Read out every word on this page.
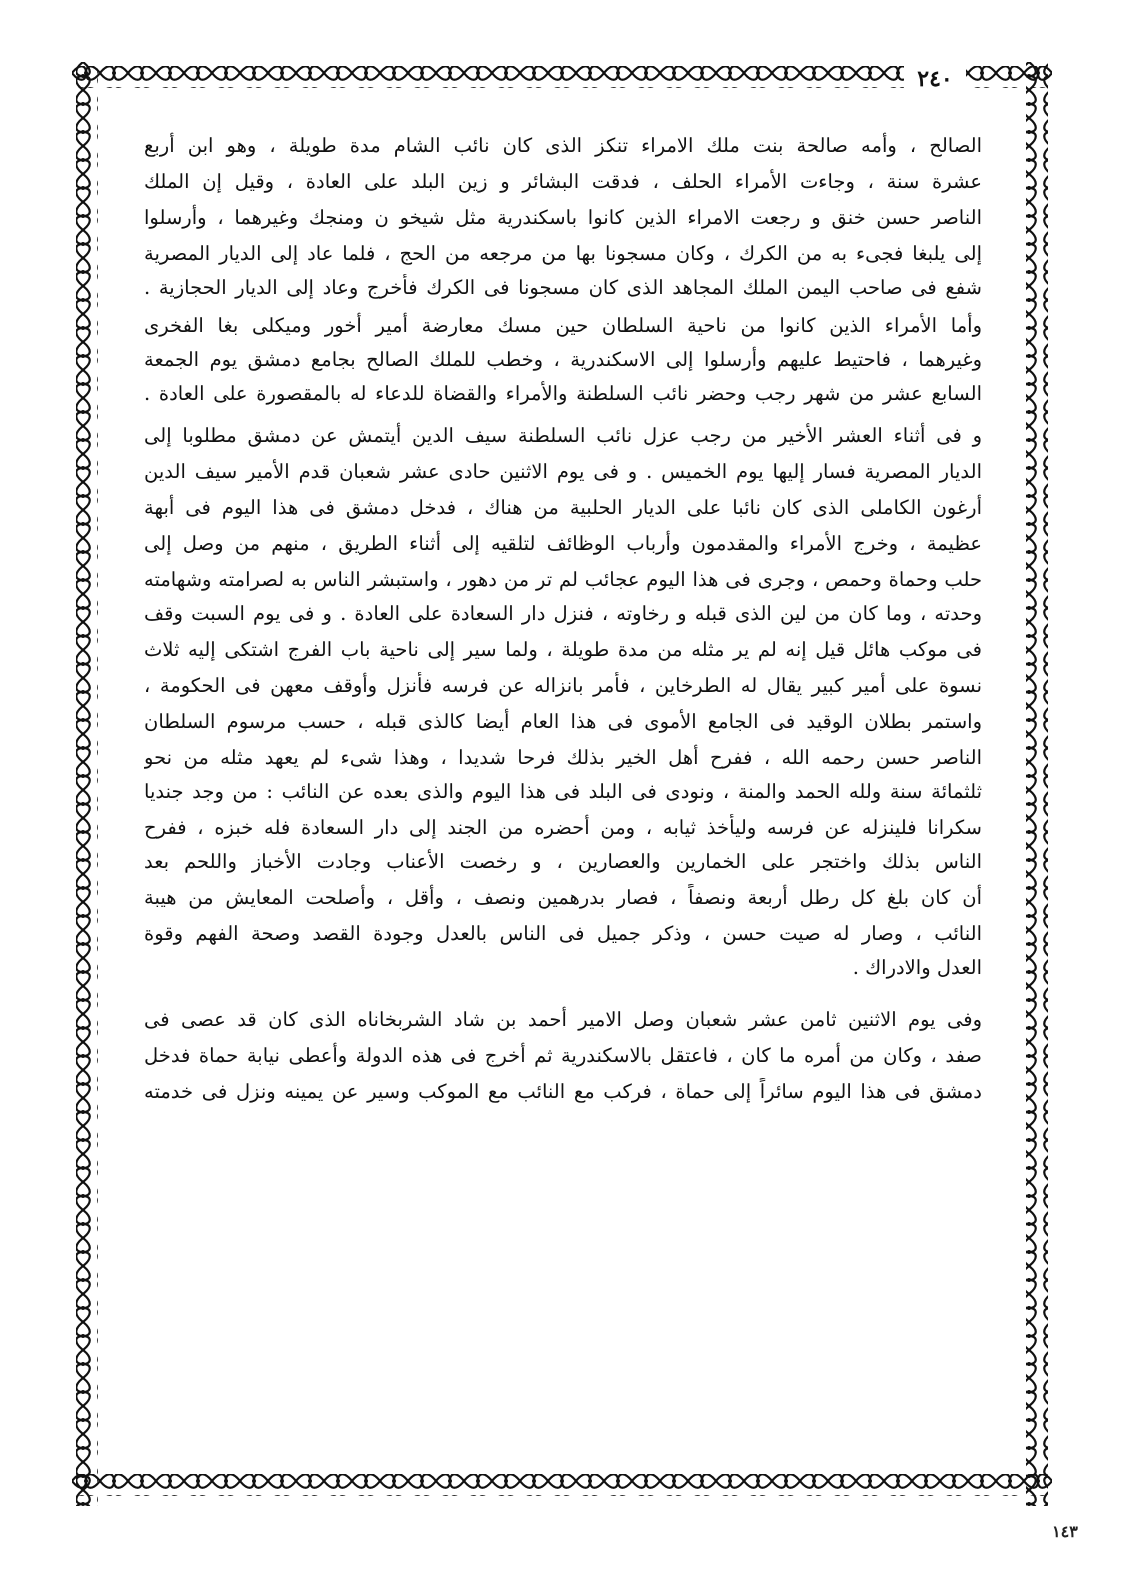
٢٤٠
الصالح ، وأمه صالحة بنت ملك الامراء تنكز الذى كان نائب الشام مدة طويلة ، وهو ابن أربع
عشرة سنة ، وجاءت الأمراء الحلف ، فدقت البشائر و زين البلد على العادة ، وقيل إن الملك
الناصر حسن خنق و رجعت الامراء الذين كانوا باسكندرية مثل شيخو ن ومنجك وغيرهما ، وأرسلوا
إلى يلبغا فجىء به من الكرك ، وكان مسجونا بها من مرجعه من الحج ، فلما عاد إلى الديار المصرية
شفع فى صاحب اليمن الملك المجاهد الذى كان مسجونا فى الكرك فأخرج وعاد إلى الديار الحجازية .
وأما الأمراء الذين كانوا من ناحية السلطان حين مسك معارضة أمير أخور وميكلى بغا الفخرى
وغيرهما ، فاحتيط عليهم وأرسلوا إلى الاسكندرية ، وخطب للملك الصالح بجامع دمشق يوم الجمعة
السابع عشر من شهر رجب وحضر نائب السلطنة والأمراء والقضاة للدعاء له بالمقصورة على العادة .
و فى أثناء العشر الأخير من رجب عزل نائب السلطنة سيف الدين أيتمش عن دمشق مطلوبا إلى
الديار المصرية فسار إليها يوم الخميس . و فى يوم الاثنين حادى عشر شعبان قدم الأمير سيف الدين
أرغون الكاملى الذى كان نائبا على الديار الحلبية من هناك ، فدخل دمشق فى هذا اليوم فى أبهة
عظيمة ، وخرج الأمراء والمقدمون وأرباب الوظائف لتلقيه إلى أثناء الطريق ، منهم من وصل إلى
حلب وحماة وحمص ، وجرى فى هذا اليوم عجائب لم تر من دهور ، واستبشر الناس به لصرامته وشهامته
وحدته ، وما كان من لين الذى قبله و رخاوته ، فنزل دار السعادة على العادة . و فى يوم السبت وقف
فى موكب هائل قيل إنه لم ير مثله من مدة طويلة ، ولما سير إلى ناحية باب الفرج اشتكى إليه ثلاث
نسوة على أمير كبير يقال له الطرخاين ، فأمر بانزاله عن فرسه فأنزل وأوقف معهن فى الحكومة ،
واستمر بطلان الوقيد فى الجامع الأموى فى هذا العام أيضا كالذى قبله ، حسب مرسوم السلطان
الناصر حسن رحمه الله ، ففرح أهل الخير بذلك فرحا شديدا ، وهذا شىء لم يعهد مثله من نحو
ثلثمائة سنة ولله الحمد والمنة ، ونودى فى البلد فى هذا اليوم والذى بعده عن النائب : من وجد جنديا
سكرانا فلينزله عن فرسه وليأخذ ثيابه ، ومن أحضره من الجند إلى دار السعادة فله خبزه ، ففرح
الناس بذلك واختجر على الخمارين والعصارين ، و رخصت الأعناب وجادت الأخباز واللحم بعد
أن كان بلغ كل رطل أربعة ونصفاً ، فصار بدرهمين ونصف ، وأقل ، وأصلحت المعايش من هيبة
النائب ، وصار له صيت حسن ، وذكر جميل فى الناس بالعدل وجودة القصد وصحة الفهم وقوة
العدل والادراك .
وفى يوم الاثنين ثامن عشر شعبان وصل الامير أحمد بن شاد الشربخاناه الذى كان قد عصى فى
صفد ، وكان من أمره ما كان ، فاعتقل بالاسكندرية ثم أخرج فى هذه الدولة وأعطى نيابة حماة فدخل
دمشق فى هذا اليوم سائراً إلى حماة ، فركب مع النائب مع الموكب وسير عن يمينه ونزل فى خدمته
١٤٣
